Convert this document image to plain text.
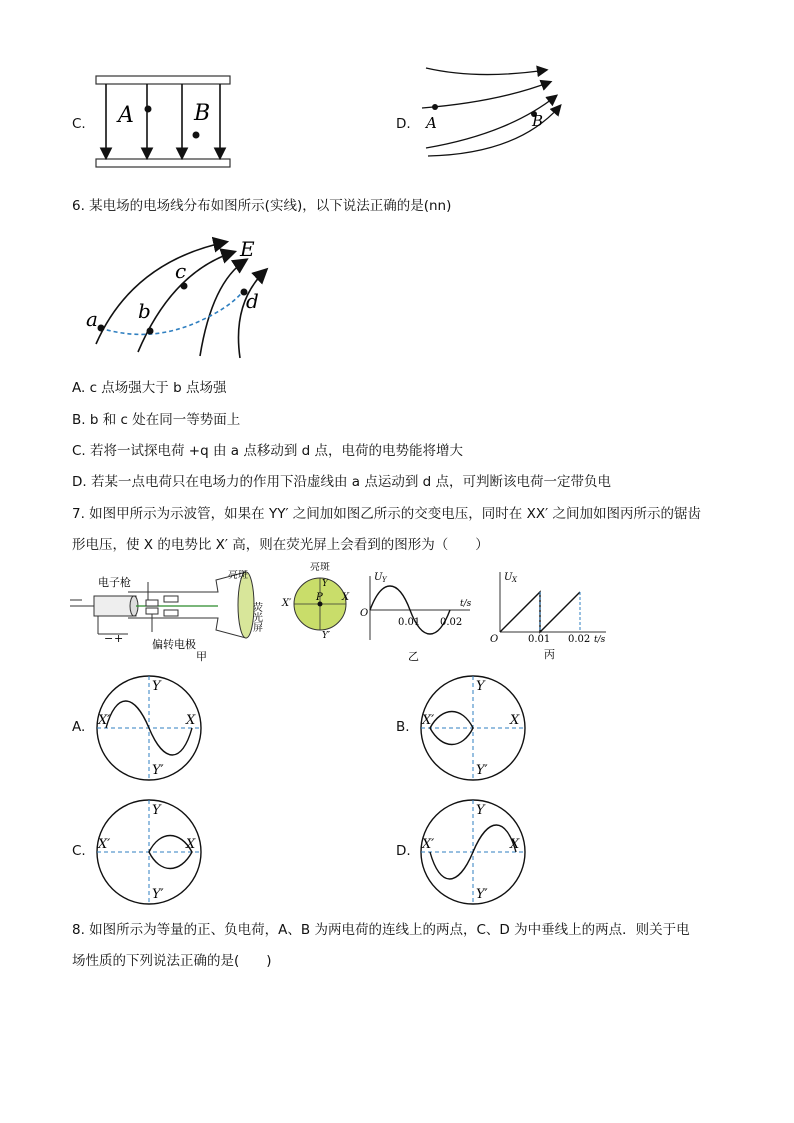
C. A	B	D. A	B
6. 某电场的电场线分布如图所示(实线)，以下说法正确的是(nn)
E
a b
c
d
A. c 点场强大于 b 点场强
B. b 和 c 处在同一等势面上
C. 若将一试探电荷 +q 由 a 点移动到 d 点，电荷的电势能将增大
D. 若某一点电荷只在电场力的作用下沿虚线由 a 点运动到 d 点，可判断该电荷一定带负电
7. 如图甲所示为示波管，如果在 YY′ 之间加如图乙所示的交变电压，同时在 XX′ 之间加如图丙所示的锯齿
形电压，使 X 的电势比 X′ 高，则在荧光屏上会看到的图形为（　　）
电子枪
亮斑
荧光屏
− +	偏转电极
甲
亮斑
P X
X′
Y
Y′
U Y
t/s
O
0.01 0.02
乙
U X
t/s
O	0.01 0.02
丙
A.
Y
Y′
X′	X	B.
Y
Y′
X′	X
C.
Y
Y′
X′	X	D.
Y
Y′
X′	X
8. 如图所示为等量的正、负电荷，A、B 为两电荷的连线上的两点，C、D 为中垂线上的两点．则关于电
场性质的下列说法正确的是(　　)
